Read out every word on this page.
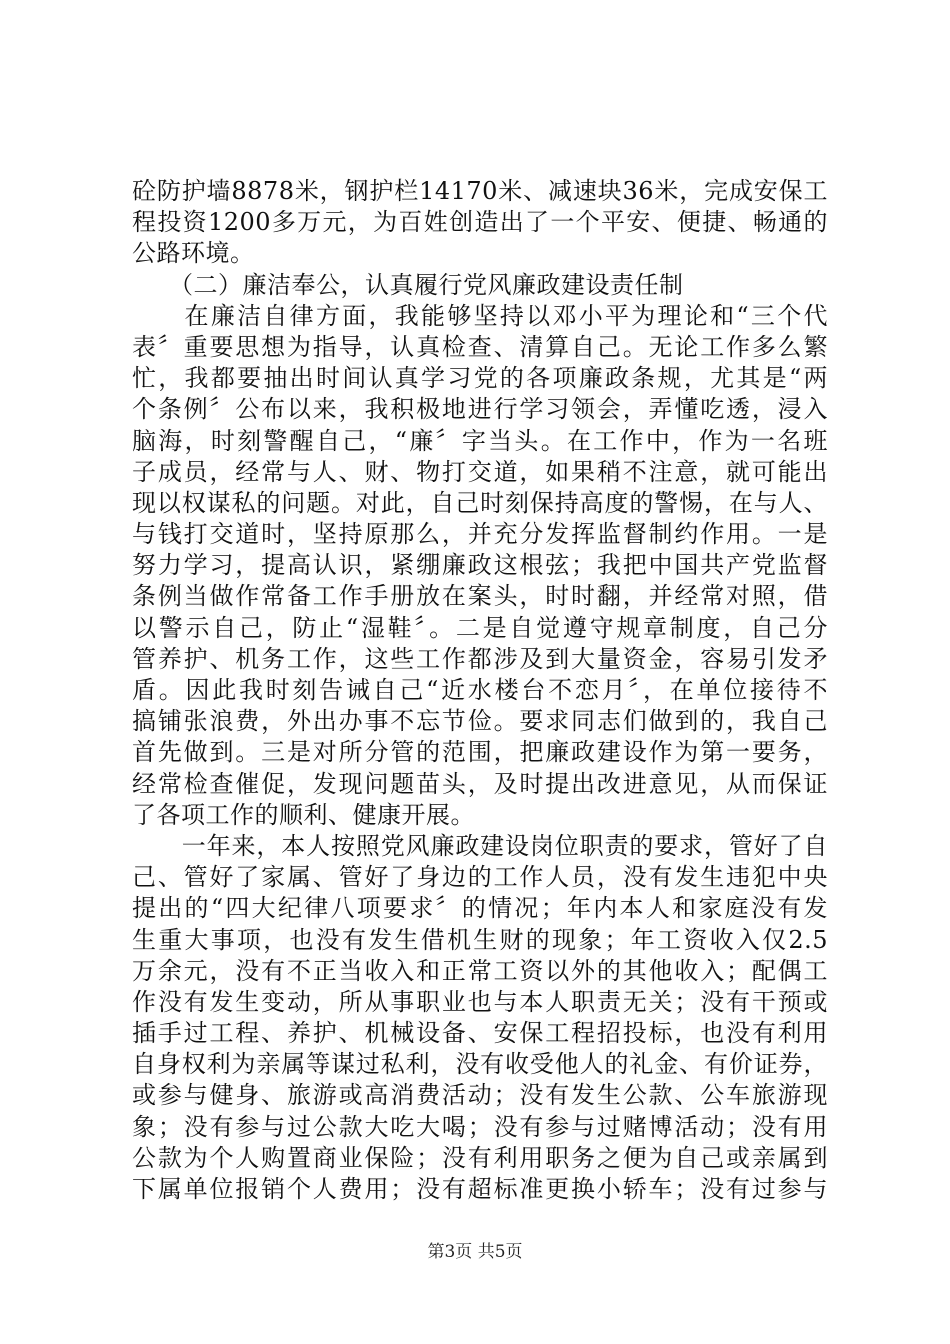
砼防护墙8878米，钢护栏14170米、减速块36米，完成安保工
程投资1200多万元，为百姓创造出了一个平安、便捷、畅通的
公路环境。
　　（二）廉洁奉公，认真履行党风廉政建设责任制
　　在廉洁自律方面，我能够坚持以邓小平为理论和“三个代
表〞重要思想为指导，认真检查、清算自己。无论工作多么繁
忙，我都要抽出时间认真学习党的各项廉政条规，尤其是“两
个条例〞公布以来，我积极地进行学习领会，弄懂吃透，浸入
脑海，时刻警醒自己，“廉〞字当头。在工作中，作为一名班
子成员，经常与人、财、物打交道，如果稍不注意，就可能出
现以权谋私的问题。对此，自己时刻保持高度的警惕，在与人、
与钱打交道时，坚持原那么，并充分发挥监督制约作用。一是
努力学习，提高认识，紧绷廉政这根弦；我把中国共产党监督
条例当做作常备工作手册放在案头，时时翻，并经常对照，借
以警示自己，防止“湿鞋〞。二是自觉遵守规章制度，自己分
管养护、机务工作，这些工作都涉及到大量资金，容易引发矛
盾。因此我时刻告诫自己“近水楼台不恋月〞，在单位接待不
搞铺张浪费，外出办事不忘节俭。要求同志们做到的，我自己
首先做到。三是对所分管的范围，把廉政建设作为第一要务，
经常检查催促，发现问题苗头，及时提出改进意见，从而保证
了各项工作的顺利、健康开展。
　　一年来，本人按照党风廉政建设岗位职责的要求，管好了自
己、管好了家属、管好了身边的工作人员，没有发生违犯中央
提出的“四大纪律八项要求〞的情况；年内本人和家庭没有发
生重大事项，也没有发生借机生财的现象；年工资收入仅2.5
万余元，没有不正当收入和正常工资以外的其他收入；配偶工
作没有发生变动，所从事职业也与本人职责无关；没有干预或
插手过工程、养护、机械设备、安保工程招投标，也没有利用
自身权利为亲属等谋过私利，没有收受他人的礼金、有价证券，
或参与健身、旅游或高消费活动；没有发生公款、公车旅游现
象；没有参与过公款大吃大喝；没有参与过赌博活动；没有用
公款为个人购置商业保险；没有利用职务之便为自己或亲属到
下属单位报销个人费用；没有超标准更换小轿车；没有过参与
第3页 共5页
